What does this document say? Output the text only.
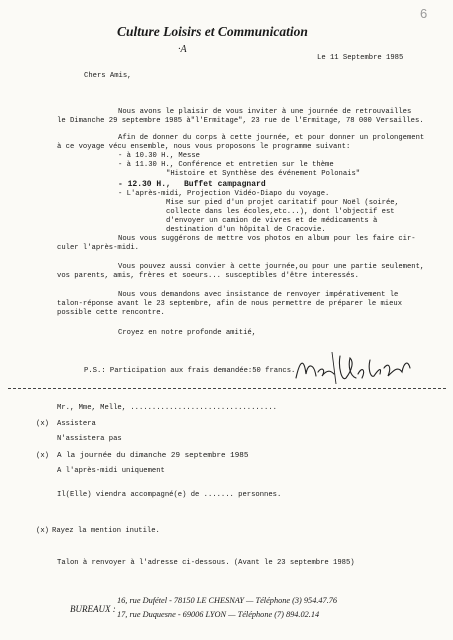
6
Culture Loisirs et Communication
·A
Le 11 Septembre 1985
Chers Amis,
Nous avons le plaisir de vous inviter à une journée de retrouvailles
le Dimanche 29 septembre 1985 à"l'Ermitage", 23 rue de l'Ermitage, 78 000 Versailles.
Afin de donner du corps à cette journée, et pour donner un prolongement
à ce voyage vécu ensemble, nous vous proposons le programme suivant:
- à 10.30 H., Messe
- à 11.30 H., Conférence et entretien sur le thème
"Histoire et Synthèse des événement Polonais"
- 12.30 H., Buffet campagnard
- L'après-midi, Projection Vidéo-Diapo du voyage.
Mise sur pied d'un projet caritatif pour Noël (soirée,
collecte dans les écoles,etc...), dont l'objectif est
d'envoyer un camion de vivres et de médicaments à
destination d'un hôpital de Cracovie.
Nous vous suggérons de mettre vos photos en album pour les faire cir-
culer l'après-midi.
Vous pouvez aussi convier à cette journée,ou pour une partie seulement,
vos parents, amis, frères et soeurs... susceptibles d'être interessés.
Nous vous demandons avec insistance de renvoyer impérativement le
talon-réponse avant le 23 septembre, afin de nous permettre de préparer le mieux
possible cette rencontre.
Croyez en notre profonde amitié,
P.S.: Participation aux frais demandée:50 francs.
Mr., Mme, Melle, ..................................
(x) Assistera
N'assistera pas
(x) A la journée du dimanche 29 septembre 1985
A l'après-midi uniquement
Il(Elle) viendra accompagné(e) de ....... personnes.
(x) Rayez la mention inutile.
Talon à renvoyer à l'adresse ci-dessous. (Avant le 23 septembre 1985)
BUREAUX :
16, rue Dufétel - 78150 LE CHESNAY — Téléphone (3) 954.47.76
17, rue Duquesne - 69006 LYON — Téléphone (7) 894.02.14
